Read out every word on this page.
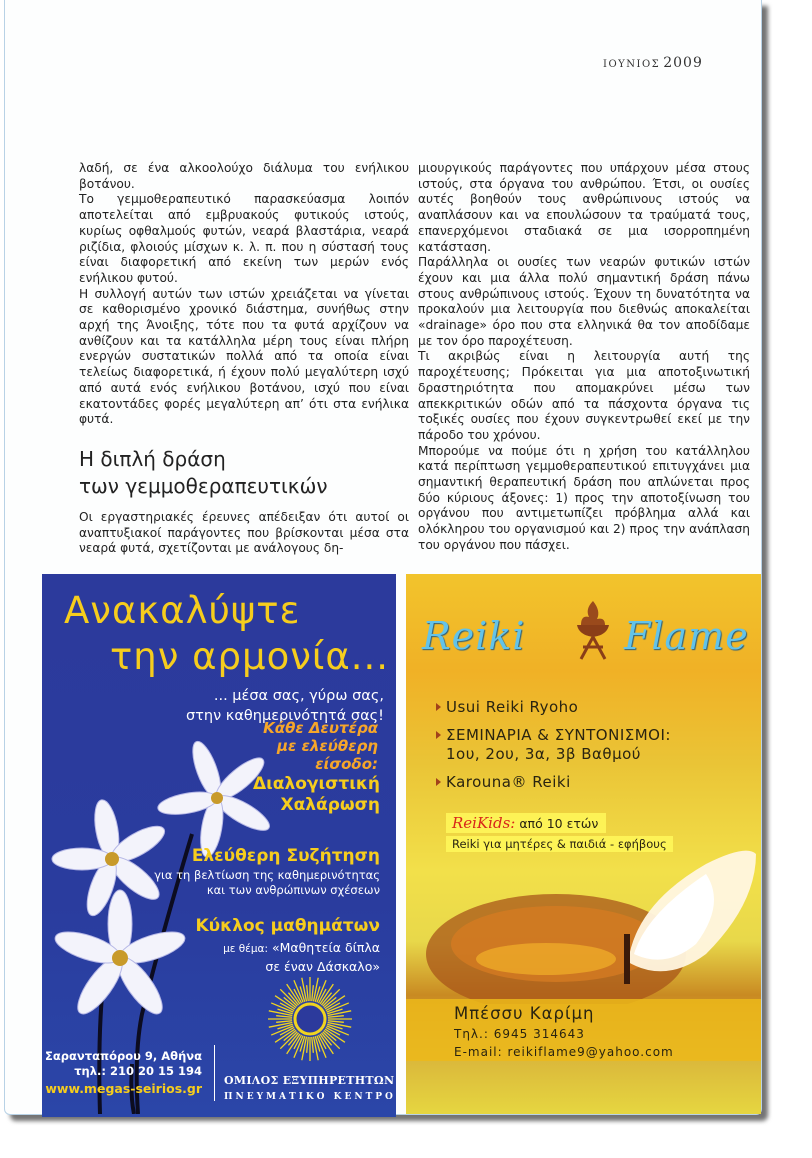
ΙΟΥΝΙΟΣ 2009

λαδή, σε ένα αλκοολούχο διάλυμα του ενήλικου βοτάνου.

Το γεμμοθεραπευτικό παρασκεύασμα λοιπόν αποτελείται από εμβρυακούς φυτικούς ιστούς, κυρίως οφθαλμούς φυτών, νεαρά βλαστάρια, νεαρά ριζίδια, φλοιούς μίσχων κ. λ. π. που η σύστασή τους είναι διαφορετική από εκείνη των μερών ενός ενήλικου φυτού.

Η συλλογή αυτών των ιστών χρειάζεται να γίνεται σε καθορισμένο χρονικό διάστημα, συνήθως στην αρχή της Άνοιξης, τότε που τα φυτά αρχίζουν να ανθίζουν και τα κατάλληλα μέρη τους είναι πλήρη ενεργών συστατικών πολλά από τα οποία είναι τελείως διαφορετικά, ή έχουν πολύ μεγαλύτερη ισχύ από αυτά ενός ενήλικου βοτάνου, ισχύ που είναι εκατοντάδες φορές μεγαλύτερη απ’ ότι στα ενήλικα φυτά.

Η διπλή δράση
των γεμμοθεραπευτικών

Οι εργαστηριακές έρευνες απέδειξαν ότι αυτοί οι αναπτυξιακοί παράγοντες που βρίσκονται μέσα στα νεαρά φυτά, σχετίζονται με ανάλογους δη-

μιουργικούς παράγοντες που υπάρχουν μέσα στους ιστούς, στα όργανα του ανθρώπου. Έτσι, οι ουσίες αυτές βοηθούν τους ανθρώπινους ιστούς να αναπλάσουν και να επουλώσουν τα τραύματά τους, επανερχόμενοι σταδιακά σε μια ισορροπημένη κατάσταση.

Παράλληλα οι ουσίες των νεαρών φυτικών ιστών έχουν και μια άλλα πολύ σημαντική δράση πάνω στους ανθρώπινους ιστούς. Έχουν τη δυνατότητα να προκαλούν μια λειτουργία που διεθνώς αποκαλείται «drainage» όρο που στα ελληνικά θα τον αποδίδαμε με τον όρο παροχέτευση.

Τι ακριβώς είναι η λειτουργία αυτή της παροχέτευσης; Πρόκειται για μια αποτοξινωτική δραστηριότητα που απομακρύνει μέσω των απεκκριτικών οδών από τα πάσχοντα όργανα τις τοξικές ουσίες που έχουν συγκεντρωθεί εκεί με την πάροδο του χρόνου.

Μπορούμε να πούμε ότι η χρήση του κατάλληλου κατά περίπτωση γεμμοθεραπευτικού επιτυγχάνει μια σημαντική θεραπευτική δράση που απλώνεται προς δύο κύριους άξονες: 1) προς την αποτοξίνωση του οργάνου που αντιμετωπίζει πρόβλημα αλλά και ολόκληρου του οργανισμού και 2) προς την ανάπλαση του οργάνου που πάσχει.

Ανακαλύψτε
την αρμονία...
... μέσα σας, γύρω σας,
στην καθημερινότητά σας!
Κάθε Δευτέρα
με ελεύθερη
είσοδο:
Διαλογιστική
Χαλάρωση
Ελεύθερη Συζήτηση
για τη βελτίωση της καθημερινότητας
και των ανθρώπινων σχέσεων
Κύκλος μαθημάτων
με θέμα: «Μαθητεία δίπλα
σε έναν Δάσκαλο»
Σαρανταπόρου 9, Αθήνα
τηλ.: 210 20 15 194
www.megas-seirios.gr
ΟΜΙΛΟΣ ΕΞΥΠΗΡΕΤΗΤΩΝ
ΠΝΕΥΜΑΤΙΚΟ ΚΕΝΤΡΟ
Reiki	Flame
Usui Reiki Ryoho
ΣΕΜΙΝΑΡΙΑ & ΣΥΝΤΟΝΙΣΜΟΙ:
1ου, 2ου, 3α, 3β Βαθμού
Karouna® Reiki
ReiKids: από 10 ετών
Reiki για μητέρες & παιδιά - εφήβους
Μπέσσυ Καρίμη
Τηλ.: 6945 314643
E-mail: reikiflame9@yahoo.com
